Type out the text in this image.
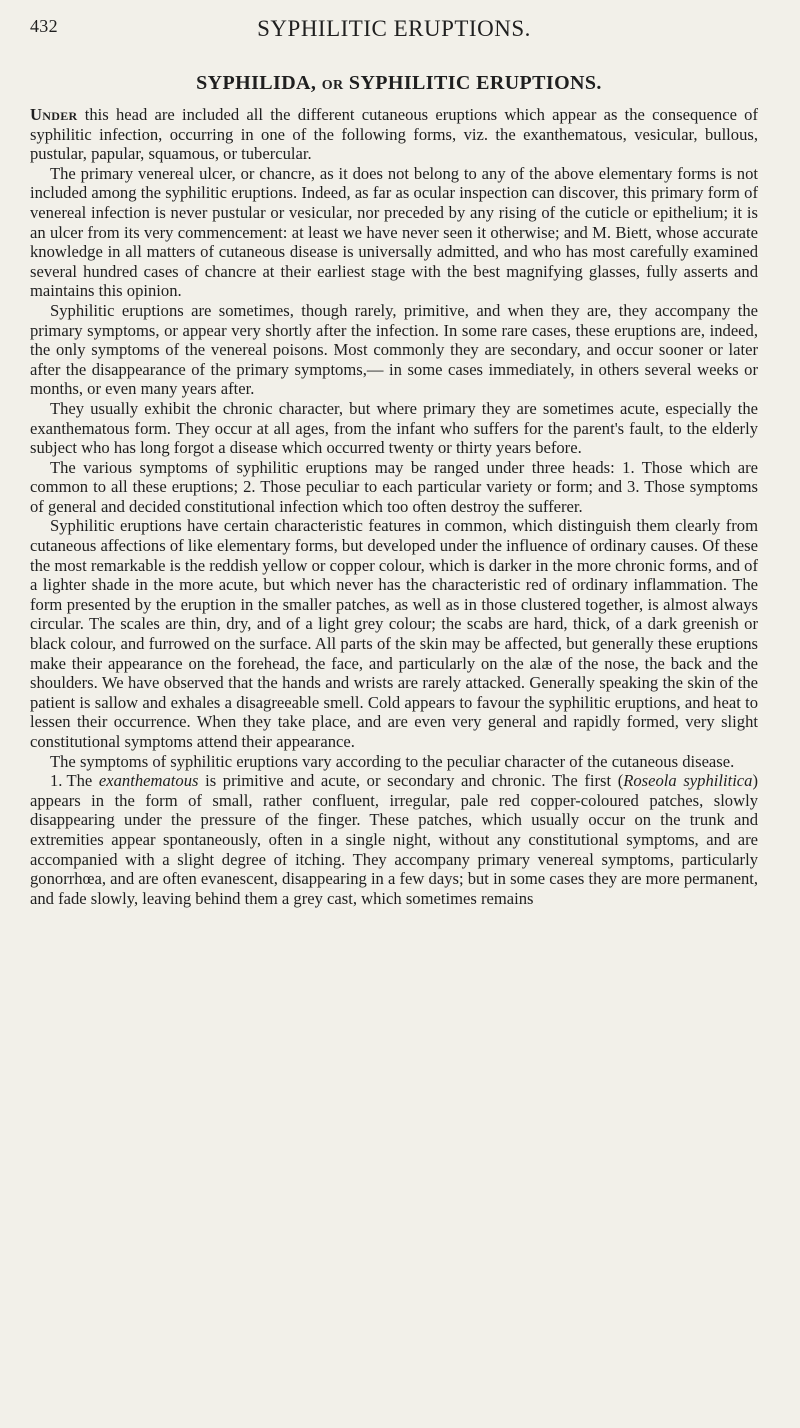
432	SYPHILITIC ERUPTIONS.
SYPHILIDA, OR SYPHILITIC ERUPTIONS.

Under this head are included all the different cutaneous eruptions which appear as the consequence of syphilitic infection, occurring in one of the following forms, viz. the exanthematous, vesicular, bullous, pustular, papular, squamous, or tubercular.

The primary venereal ulcer, or chancre, as it does not belong to any of the above elementary forms is not included among the syphilitic eruptions. Indeed, as far as ocular inspection can discover, this primary form of venereal infection is never pustular or vesicular, nor preceded by any rising of the cuticle or epithelium; it is an ulcer from its very commencement: at least we have never seen it otherwise; and M. Biett, whose accurate knowledge in all matters of cutaneous disease is universally admitted, and who has most carefully examined several hundred cases of chancre at their earliest stage with the best magnifying glasses, fully asserts and maintains this opinion.

Syphilitic eruptions are sometimes, though rarely, primitive, and when they are, they accompany the primary symptoms, or appear very shortly after the infection. In some rare cases, these eruptions are, indeed, the only symptoms of the venereal poisons. Most commonly they are secondary, and occur sooner or later after the disappearance of the primary symptoms,— in some cases immediately, in others several weeks or months, or even many years after.

They usually exhibit the chronic character, but where primary they are sometimes acute, especially the exanthematous form. They occur at all ages, from the infant who suffers for the parent's fault, to the elderly subject who has long forgot a disease which occurred twenty or thirty years before.

The various symptoms of syphilitic eruptions may be ranged under three heads: 1. Those which are common to all these eruptions; 2. Those peculiar to each particular variety or form; and 3. Those symptoms of general and decided constitutional infection which too often destroy the sufferer.

Syphilitic eruptions have certain characteristic features in common, which distinguish them clearly from cutaneous affections of like elementary forms, but developed under the influence of ordinary causes. Of these the most remarkable is the reddish yellow or copper colour, which is darker in the more chronic forms, and of a lighter shade in the more acute, but which never has the characteristic red of ordinary inflammation. The form presented by the eruption in the smaller patches, as well as in those clustered together, is almost always circular. The scales are thin, dry, and of a light grey colour; the scabs are hard, thick, of a dark greenish or black colour, and furrowed on the surface. All parts of the skin may be affected, but generally these eruptions make their appearance on the forehead, the face, and particularly on the alæ of the nose, the back and the shoulders. We have observed that the hands and wrists are rarely attacked. Generally speaking the skin of the patient is sallow and exhales a disagreeable smell. Cold appears to favour the syphilitic eruptions, and heat to lessen their occurrence. When they take place, and are even very general and rapidly formed, very slight constitutional symptoms attend their appearance.

The symptoms of syphilitic eruptions vary according to the peculiar character of the cutaneous disease.

1. The exanthematous is primitive and acute, or secondary and chronic. The first (Roseola syphilitica) appears in the form of small, rather confluent, irregular, pale red copper-coloured patches, slowly disappearing under the pressure of the finger. These patches, which usually occur on the trunk and extremities appear spontaneously, often in a single night, without any constitutional symptoms, and are accompanied with a slight degree of itching. They accompany primary venereal symptoms, particularly gonorrhœa, and are often evanescent, disappearing in a few days; but in some cases they are more permanent, and fade slowly, leaving behind them a grey cast, which sometimes remains
